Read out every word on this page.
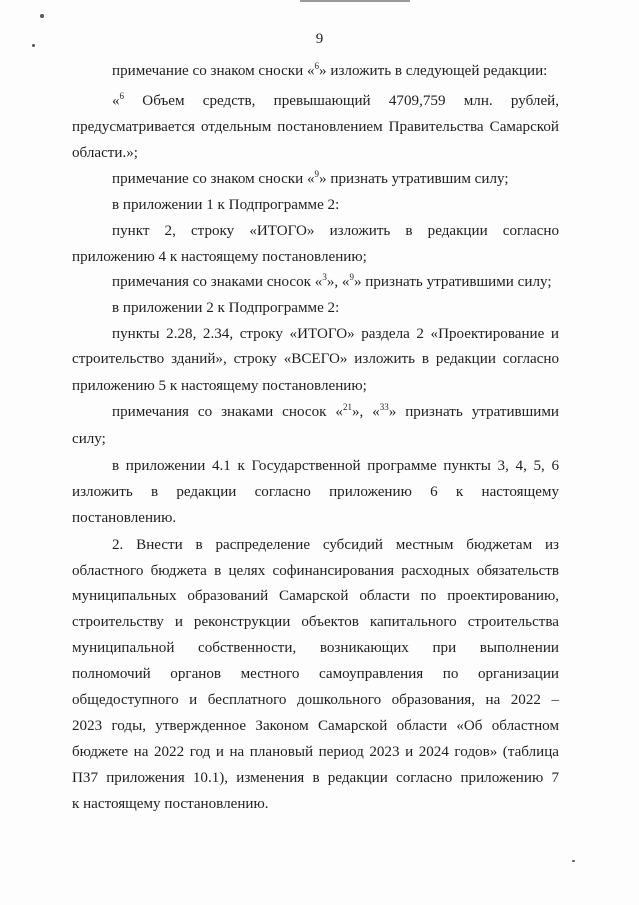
9
примечание со знаком сноски «$^6$» изложить в следующей редакции:
«$^6$ Объем средств, превышающий 4709,759 млн. рублей,
предусматривается отдельным постановлением Правительства Самарской
области.»;
примечание со знаком сноски «$^9$» признать утратившим силу;
в приложении 1 к Подпрограмме 2:
пункт 2, строку «ИТОГО» изложить в редакции согласно
приложению 4 к настоящему постановлению;
примечания со знаками сносок «$^3$», «$^9$» признать утратившими силу;
в приложении 2 к Подпрограмме 2:
пункты 2.28, 2.34, строку «ИТОГО» раздела 2 «Проектирование и
строительство зданий», строку «ВСЕГО» изложить в редакции согласно
приложению 5 к настоящему постановлению;
примечания со знаками сносок «$^{21}$», «$^{33}$» признать утратившими
силу;
в приложении 4.1 к Государственной программе пункты 3, 4, 5, 6
изложить в редакции согласно приложению 6 к настоящему
постановлению.
2. Внести в распределение субсидий местным бюджетам из
областного бюджета в целях софинансирования расходных обязательств
муниципальных образований Самарской области по проектированию,
строительству и реконструкции объектов капитального строительства
муниципальной собственности, возникающих при выполнении
полномочий органов местного самоуправления по организации
общедоступного и бесплатного дошкольного образования, на 2022 –
2023 годы, утвержденное Законом Самарской области «Об областном
бюджете на 2022 год и на плановый период 2023 и 2024 годов» (таблица
П37 приложения 10.1), изменения в редакции согласно приложению 7
к настоящему постановлению.
